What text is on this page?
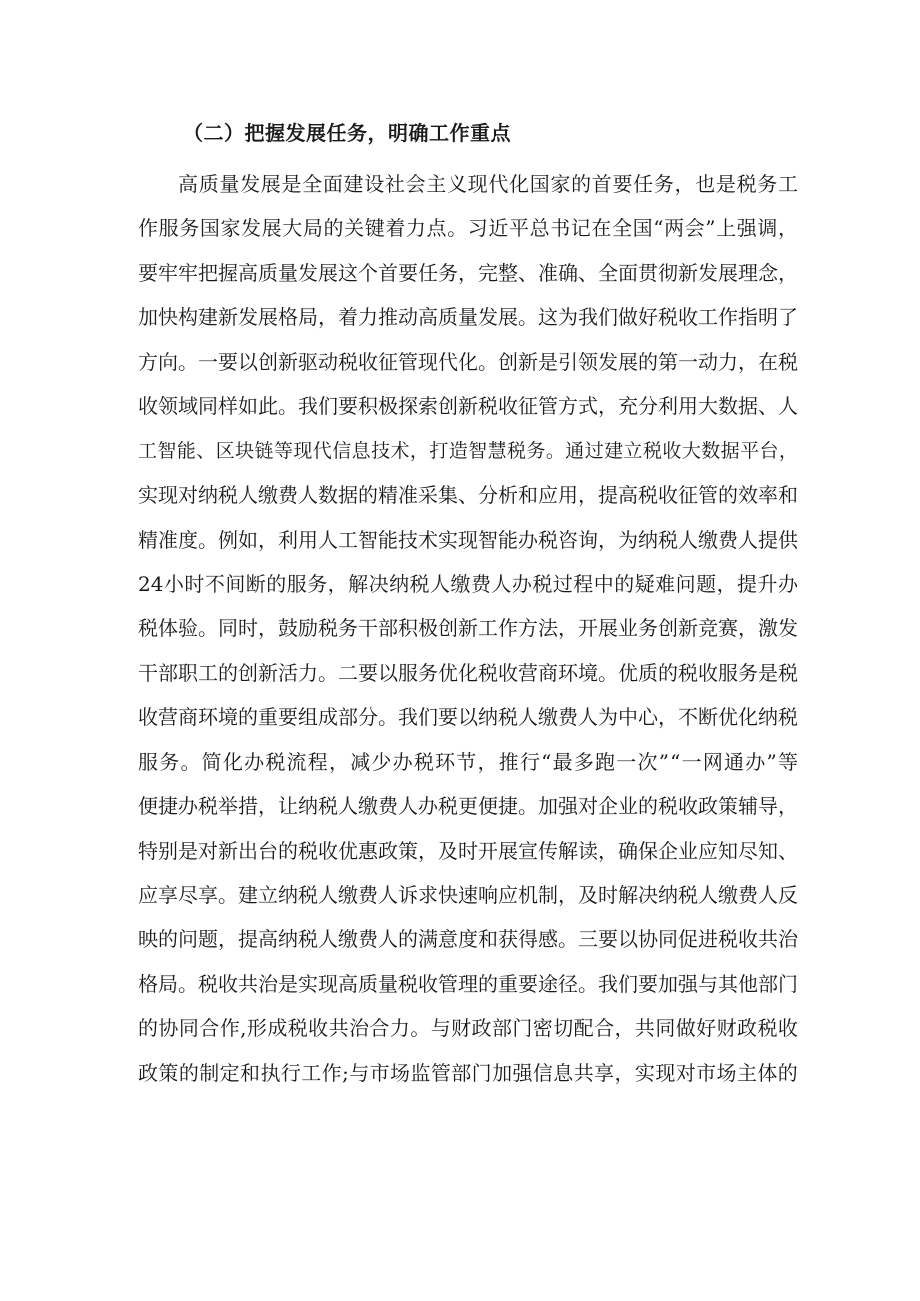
（二）把握发展任务，明确工作重点
高 质 量 发 展 是 全 面 建 设 社 会 主 义 现 代 化 国 家 的 首 要 任 务 ， 也 是 税 务 工
作 服 务 国 家 发 展 大 局 的 关 键 着 力 点 。 习 近 平 总 书 记 在 全 国 “ 两 会 ” 上 强 调 ，
要 牢 牢 把 握 高 质 量 发 展 这 个 首 要 任 务 ， 完 整 、 准 确 、 全 面 贯 彻 新 发 展 理 念 ，
加 快 构 建 新 发 展 格 局 ， 着 力 推 动 高 质 量 发 展 。 这 为 我 们 做 好 税 收 工 作 指 明 了
方 向 。 一 要 以 创 新 驱 动 税 收 征 管 现 代 化 。 创 新 是 引 领 发 展 的 第 一 动 力 ， 在 税
收 领 域 同 样 如 此 。 我 们 要 积 极 探 索 创 新 税 收 征 管 方 式 ， 充 分 利 用 大 数 据 、 人
工 智 能 、 区 块 链 等 现 代 信 息 技 术 ， 打 造 智 慧 税 务 。 通 过 建 立 税 收 大 数 据 平 台 ，
实 现 对 纳 税 人 缴 费 人 数 据 的 精 准 采 集 、 分 析 和 应 用 ， 提 高 税 收 征 管 的 效 率 和
精 准 度 。 例 如 ， 利 用 人 工 智 能 技 术 实 现 智 能 办 税 咨 询 ， 为 纳 税 人 缴 费 人 提 供
24 小 时 不 间 断 的 服 务 ， 解 决 纳 税 人 缴 费 人 办 税 过 程 中 的 疑 难 问 题 ， 提 升 办
税 体 验 。 同 时 ， 鼓 励 税 务 干 部 积 极 创 新 工 作 方 法 ， 开 展 业 务 创 新 竞 赛 ， 激 发
干 部 职 工 的 创 新 活 力 。 二 要 以 服 务 优 化 税 收 营 商 环 境 。 优 质 的 税 收 服 务 是 税
收 营 商 环 境 的 重 要 组 成 部 分 。 我 们 要 以 纳 税 人 缴 费 人 为 中 心 ， 不 断 优 化 纳 税
服 务 。 简 化 办 税 流 程 ， 减 少 办 税 环 节 ， 推 行 “ 最 多 跑 一 次 ” “ 一 网 通 办 ” 等
便 捷 办 税 举 措 ， 让 纳 税 人 缴 费 人 办 税 更 便 捷 。 加 强 对 企 业 的 税 收 政 策 辅 导 ，
特 别 是 对 新 出 台 的 税 收 优 惠 政 策 ， 及 时 开 展 宣 传 解 读 ， 确 保 企 业 应 知 尽 知 、
应 享 尽 享 。 建 立 纳 税 人 缴 费 人 诉 求 快 速 响 应 机 制 ， 及 时 解 决 纳 税 人 缴 费 人 反
映 的 问 题 ， 提 高 纳 税 人 缴 费 人 的 满 意 度 和 获 得 感 。 三 要 以 协 同 促 进 税 收 共 治
格 局 。 税 收 共 治 是 实 现 高 质 量 税 收 管 理 的 重 要 途 径 。 我 们 要 加 强 与 其 他 部 门
的 协 同 合 作 , 形 成 税 收 共 治 合 力 。 与 财 政 部 门 密 切 配 合 ， 共 同 做 好 财 政 税 收
政 策 的 制 定 和 执 行 工 作 ; 与 市 场 监 管 部 门 加 强 信 息 共 享 ， 实 现 对 市 场 主 体 的
